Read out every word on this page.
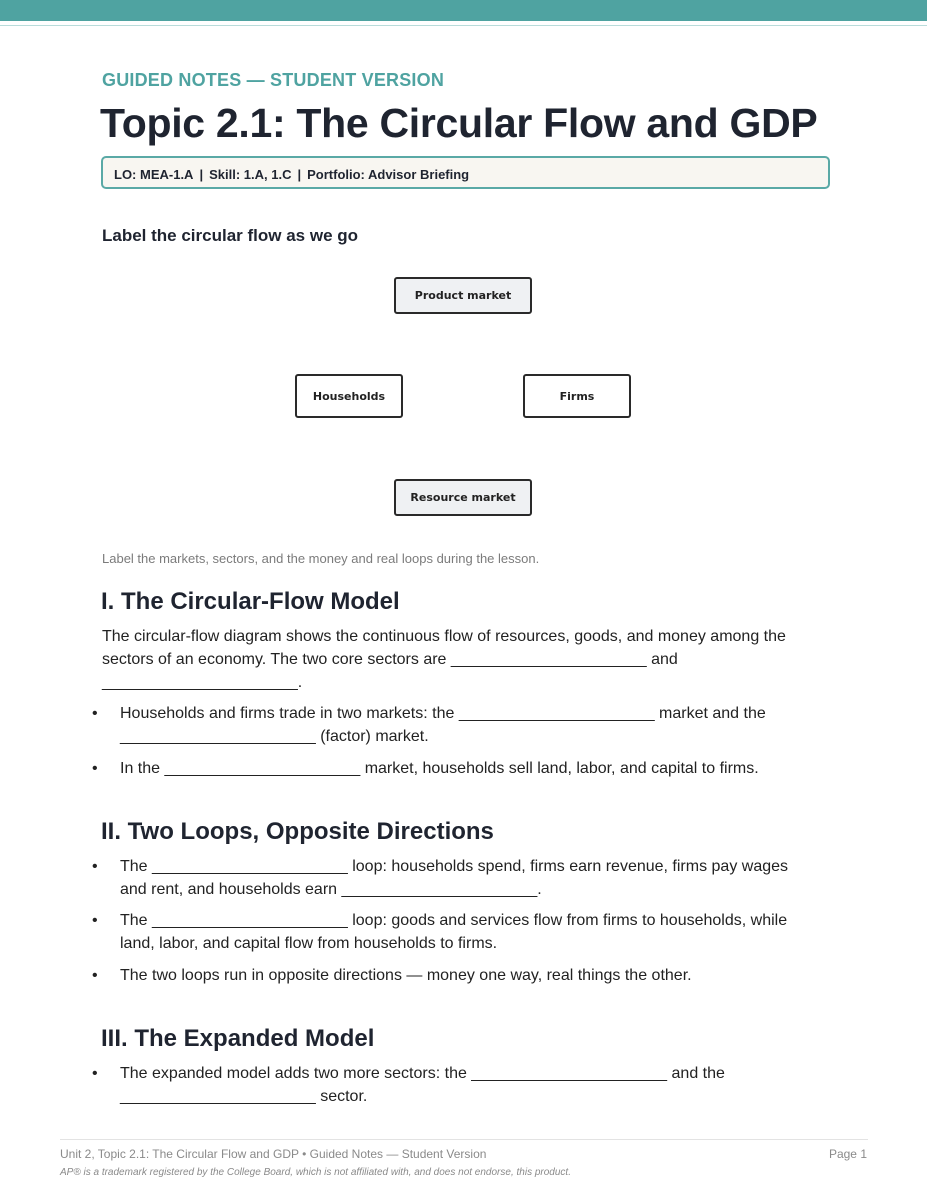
GUIDED NOTES — STUDENT VERSION
Topic 2.1: The Circular Flow and GDP
LO: MEA-1.A | Skill: 1.A, 1.C | Portfolio: Advisor Briefing
Label the circular flow as we go
Product market
Households	Firms
Resource market
Label the markets, sectors, and the money and real loops during the lesson.
I. The Circular-Flow Model
The circular-flow diagram shows the continuous flow of resources, goods, and money among the
sectors of an economy. The two core sectors are ______________________ and
______________________.
• Households and firms trade in two markets: the ______________________ market and the
______________________ (factor) market.
• In the ______________________ market, households sell land, labor, and capital to firms.
II. Two Loops, Opposite Directions
• The ______________________ loop: households spend, firms earn revenue, firms pay wages
and rent, and households earn ______________________.
• The ______________________ loop: goods and services flow from firms to households, while
land, labor, and capital flow from households to firms.
• The two loops run in opposite directions — money one way, real things the other.
III. The Expanded Model
• The expanded model adds two more sectors: the ______________________ and the
______________________ sector.
Unit 2, Topic 2.1: The Circular Flow and GDP • Guided Notes — Student Version	Page 1
AP® is a trademark registered by the College Board, which is not affiliated with, and does not endorse, this product.
